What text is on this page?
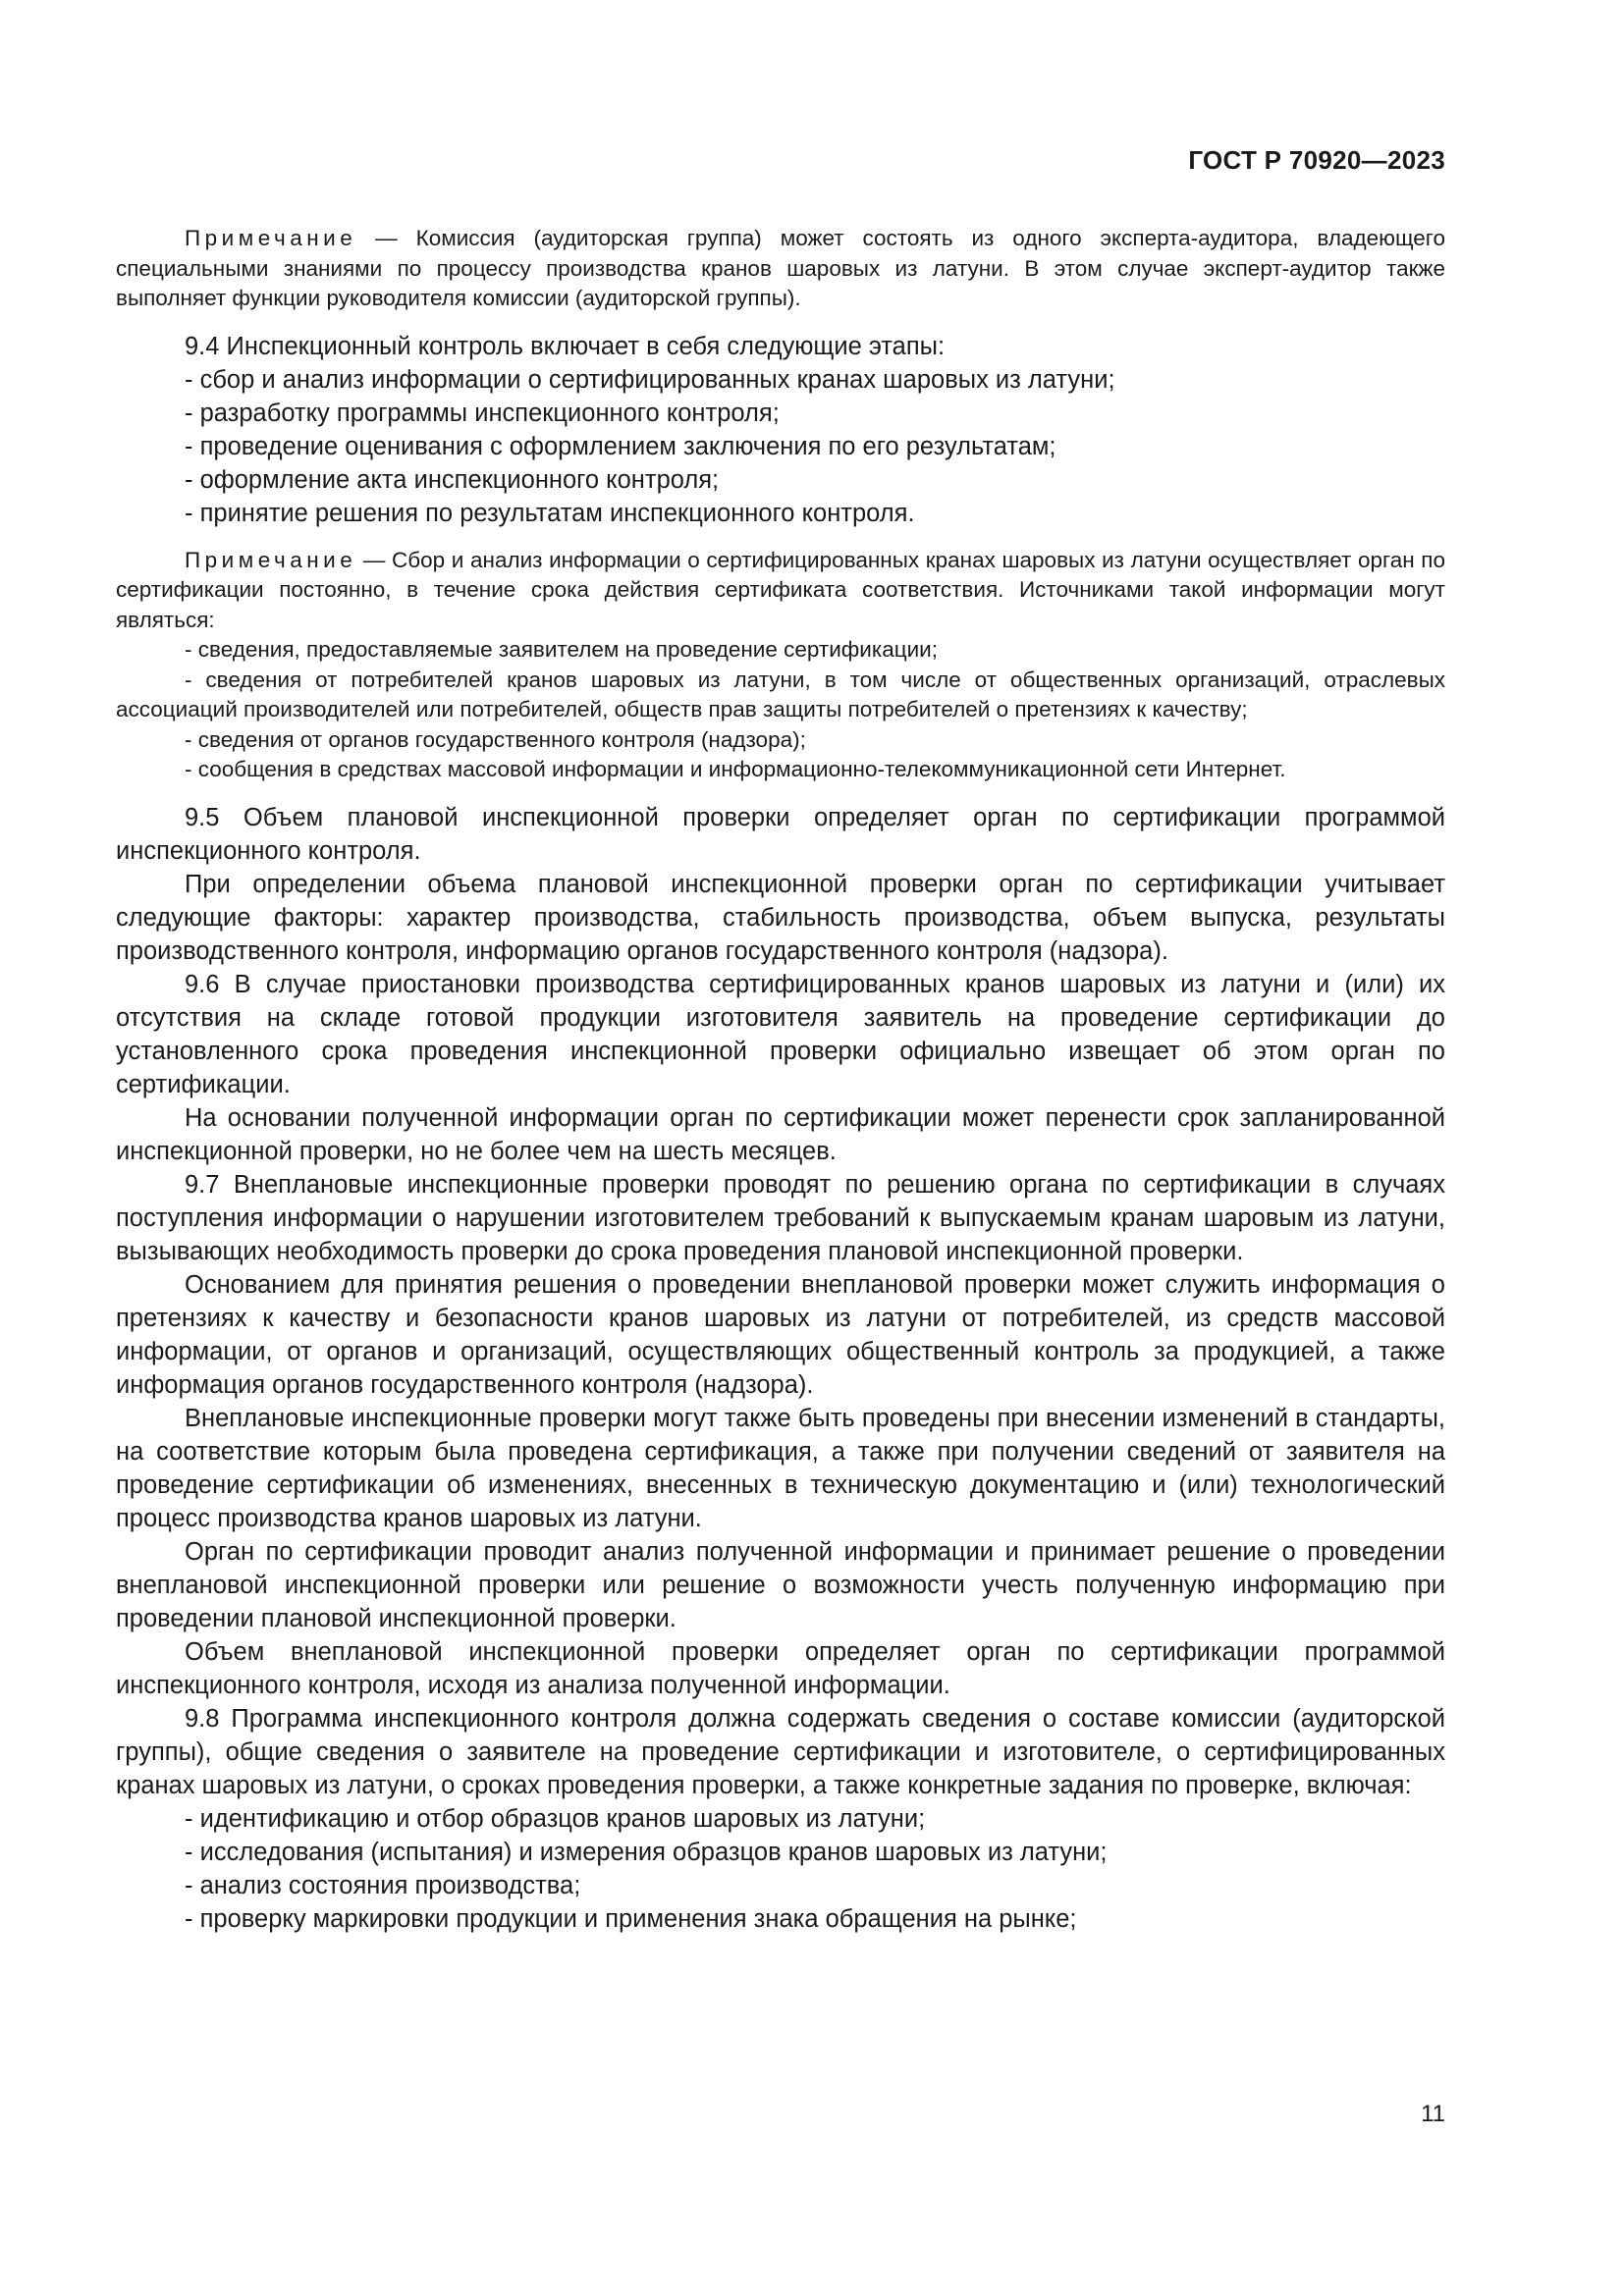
ГОСТ Р 70920—2023

Примечание — Комиссия (аудиторская группа) может состоять из одного эксперта-аудитора, владеющего специальными знаниями по процессу производства кранов шаровых из латуни. В этом случае эксперт-аудитор также выполняет функции руководителя комиссии (аудиторской группы).

9.4 Инспекционный контроль включает в себя следующие этапы:

- сбор и анализ информации о сертифицированных кранах шаровых из латуни;

- разработку программы инспекционного контроля;

- проведение оценивания с оформлением заключения по его результатам;

- оформление акта инспекционного контроля;

- принятие решения по результатам инспекционного контроля.

Примечание — Сбор и анализ информации о сертифицированных кранах шаровых из латуни осуществляет орган по сертификации постоянно, в течение срока действия сертификата соответствия. Источниками такой информации могут являться:

- сведения, предоставляемые заявителем на проведение сертификации;

- сведения от потребителей кранов шаровых из латуни, в том числе от общественных организаций, отраслевых ассоциаций производителей или потребителей, обществ прав защиты потребителей о претензиях к качеству;

- сведения от органов государственного контроля (надзора);

- сообщения в средствах массовой информации и информационно-телекоммуникационной сети Интернет.

9.5 Объем плановой инспекционной проверки определяет орган по сертификации программой инспекционного контроля.

При определении объема плановой инспекционной проверки орган по сертификации учитывает следующие факторы: характер производства, стабильность производства, объем выпуска, результаты производственного контроля, информацию органов государственного контроля (надзора).

9.6 В случае приостановки производства сертифицированных кранов шаровых из латуни и (или) их отсутствия на складе готовой продукции изготовителя заявитель на проведение сертификации до установленного срока проведения инспекционной проверки официально извещает об этом орган по сертификации.

На основании полученной информации орган по сертификации может перенести срок запланированной инспекционной проверки, но не более чем на шесть месяцев.

9.7 Внеплановые инспекционные проверки проводят по решению органа по сертификации в случаях поступления информации о нарушении изготовителем требований к выпускаемым кранам шаровым из латуни, вызывающих необходимость проверки до срока проведения плановой инспекционной проверки.

Основанием для принятия решения о проведении внеплановой проверки может служить информация о претензиях к качеству и безопасности кранов шаровых из латуни от потребителей, из средств массовой информации, от органов и организаций, осуществляющих общественный контроль за продукцией, а также информация органов государственного контроля (надзора).

Внеплановые инспекционные проверки могут также быть проведены при внесении изменений в стандарты, на соответствие которым была проведена сертификация, а также при получении сведений от заявителя на проведение сертификации об изменениях, внесенных в техническую документацию и (или) технологический процесс производства кранов шаровых из латуни.

Орган по сертификации проводит анализ полученной информации и принимает решение о проведении внеплановой инспекционной проверки или решение о возможности учесть полученную информацию при проведении плановой инспекционной проверки.

Объем внеплановой инспекционной проверки определяет орган по сертификации программой инспекционного контроля, исходя из анализа полученной информации.

9.8 Программа инспекционного контроля должна содержать сведения о составе комиссии (аудиторской группы), общие сведения о заявителе на проведение сертификации и изготовителе, о сертифицированных кранах шаровых из латуни, о сроках проведения проверки, а также конкретные задания по проверке, включая:

- идентификацию и отбор образцов кранов шаровых из латуни;

- исследования (испытания) и измерения образцов кранов шаровых из латуни;

- анализ состояния производства;

- проверку маркировки продукции и применения знака обращения на рынке;

11
